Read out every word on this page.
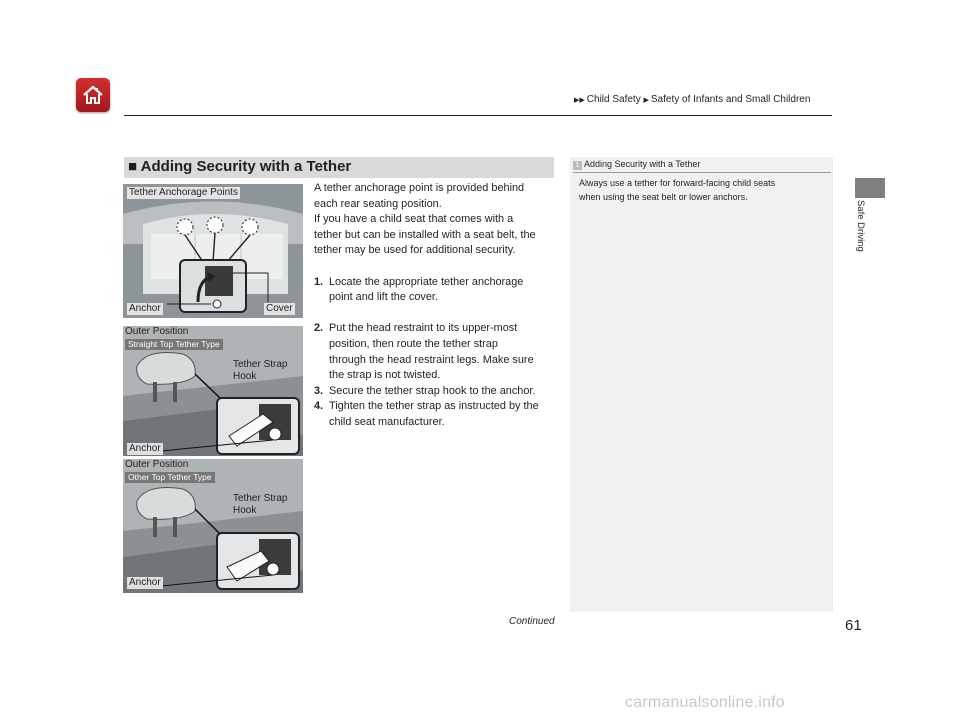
▶▶ Child Safety ▶ Safety of Infants and Small Children
Safe Driving
■ Adding Security with a Tether

A tether anchorage point is provided behind

each rear seating position.

If you have a child seat that comes with a

tether but can be installed with a seat belt, the

tether may be used for additional security.

1. Locate the appropriate tether anchorage

point and lift the cover.

2. Put the head restraint to its upper-most

position, then route the tether strap

through the head restraint legs. Make sure

the strap is not twisted.

3. Secure the tether strap hook to the anchor.

4. Tighten the tether strap as instructed by the

child seat manufacturer.

Tether Anchorage Points
Anchor	Cover
Outer Position
Straight Top Tether Type
Tether Strap
Hook
Anchor
Outer Position
Other Top Tether Type
Tether Strap
Hook
Anchor
1 Adding Security with a Tether
Always use a tether for forward-facing child seats
when using the seat belt or lower anchors.
Continued	61
carmanualsonline.info
